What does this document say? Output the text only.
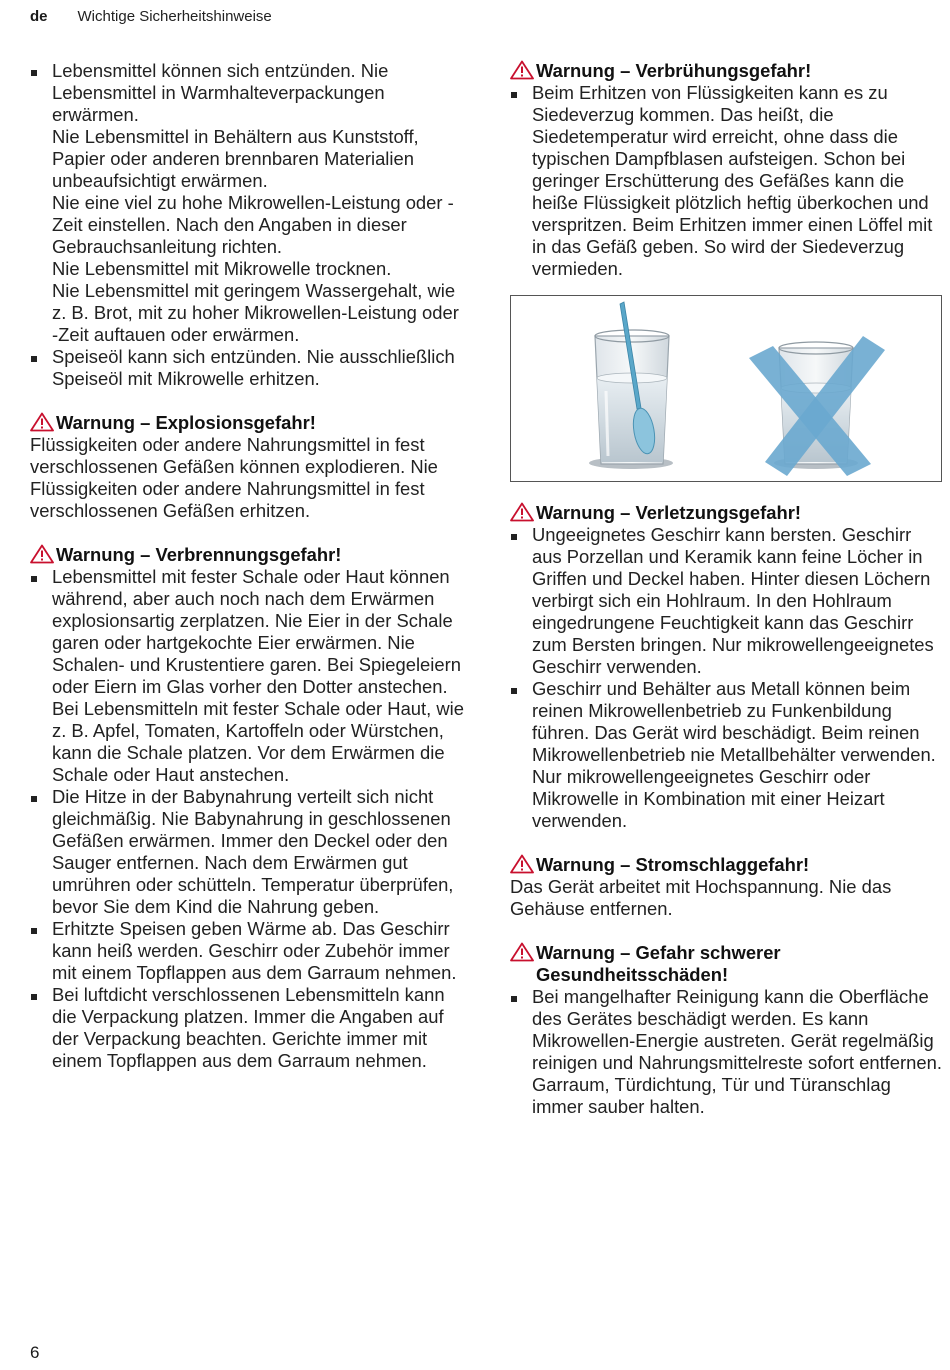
de Wichtige Sicherheitshinweise
Lebensmittel können sich entzünden. Nie Lebensmittel in Warmhalteverpackungen erwärmen.
Nie Lebensmittel in Behältern aus Kunststoff, Papier oder anderen brennbaren Materialien unbeaufsichtigt erwärmen.
Nie eine viel zu hohe Mikrowellen-Leistung oder -Zeit einstellen. Nach den Angaben in dieser Gebrauchsanleitung richten.
Nie Lebensmittel mit Mikrowelle trocknen.
Nie Lebensmittel mit geringem Wassergehalt, wie z. B. Brot, mit zu hoher Mikrowellen-Leistung oder -Zeit auftauen oder erwärmen.
Speiseöl kann sich entzünden. Nie ausschließlich Speiseöl mit Mikrowelle erhitzen.
Warnung – Explosionsgefahr!
Flüssigkeiten oder andere Nahrungsmittel in fest verschlossenen Gefäßen können explodieren. Nie Flüssigkeiten oder andere Nahrungsmittel in fest verschlossenen Gefäßen erhitzen.
Warnung – Verbrennungsgefahr!
Lebensmittel mit fester Schale oder Haut können während, aber auch noch nach dem Erwärmen explosionsartig zerplatzen. Nie Eier in der Schale garen oder hartgekochte Eier erwärmen. Nie Schalen- und Krustentiere garen. Bei Spiegeleiern oder Eiern im Glas vorher den Dotter anstechen. Bei Lebensmitteln mit fester Schale oder Haut, wie z. B. Apfel, Tomaten, Kartoffeln oder Würstchen, kann die Schale platzen. Vor dem Erwärmen die Schale oder Haut anstechen.
Die Hitze in der Babynahrung verteilt sich nicht gleichmäßig. Nie Babynahrung in geschlossenen Gefäßen erwärmen. Immer den Deckel oder den Sauger entfernen. Nach dem Erwärmen gut umrühren oder schütteln. Temperatur überprüfen, bevor Sie dem Kind die Nahrung geben.
Erhitzte Speisen geben Wärme ab. Das Geschirr kann heiß werden. Geschirr oder Zubehör immer mit einem Topflappen aus dem Garraum nehmen.
Bei luftdicht verschlossenen Lebensmitteln kann die Verpackung platzen. Immer die Angaben auf der Verpackung beachten. Gerichte immer mit einem Topflappen aus dem Garraum nehmen.
Warnung – Verbrühungsgefahr!
Beim Erhitzen von Flüssigkeiten kann es zu Siedeverzug kommen. Das heißt, die Siedetemperatur wird erreicht, ohne dass die typischen Dampfblasen aufsteigen. Schon bei geringer Erschütterung des Gefäßes kann die heiße Flüssigkeit plötzlich heftig überkochen und verspritzen. Beim Erhitzen immer einen Löffel mit in das Gefäß geben. So wird der Siedeverzug vermieden.
Warnung – Verletzungsgefahr!
Ungeeignetes Geschirr kann bersten. Geschirr aus Porzellan und Keramik kann feine Löcher in Griffen und Deckel haben. Hinter diesen Löchern verbirgt sich ein Hohlraum. In den Hohlraum eingedrungene Feuchtigkeit kann das Geschirr zum Bersten bringen. Nur mikrowellengeeignetes Geschirr verwenden.
Geschirr und Behälter aus Metall können beim reinen Mikrowellenbetrieb zu Funkenbildung führen. Das Gerät wird beschädigt. Beim reinen Mikrowellenbetrieb nie Metallbehälter verwenden. Nur mikrowellengeeignetes Geschirr oder Mikrowelle in Kombination mit einer Heizart verwenden.
Warnung – Stromschlaggefahr!
Das Gerät arbeitet mit Hochspannung. Nie das Gehäuse entfernen.
Warnung – Gefahr schwerer Gesundheitsschäden!
Bei mangelhafter Reinigung kann die Oberfläche des Gerätes beschädigt werden. Es kann Mikrowellen-Energie austreten. Gerät regelmäßig reinigen und Nahrungsmittelreste sofort entfernen. Garraum, Türdichtung, Tür und Türanschlag immer sauber halten.
6
